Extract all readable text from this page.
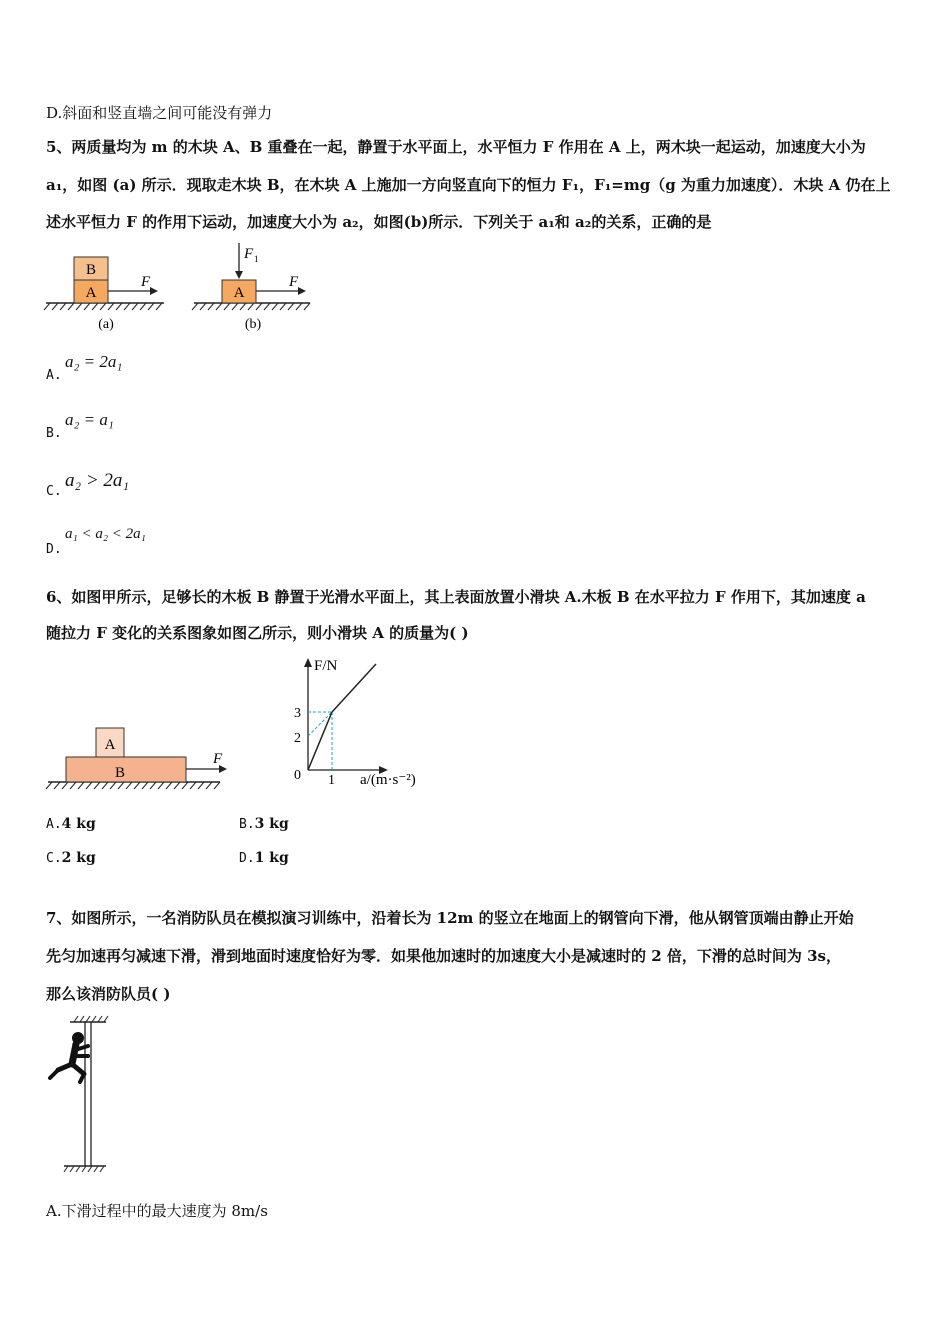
D.斜面和竖直墙之间可能没有弹力
5、两质量均为 m 的木块 A、B 重叠在一起，静置于水平面上，水平恒力 F 作用在 A 上，两木块一起运动，加速度大小为
a₁，如图 (a) 所示．现取走木块 B，在木块 A 上施加一方向竖直向下的恒力 F₁，F₁=mg（g 为重力加速度）．木块 A 仍在上
述水平恒力 F 的作用下运动，加速度大小为 a₂，如图(b)所示．下列关于 a₁和 a₂的关系，正确的是
B
A
F
(a)
A
F 1
F
(b)
A.
a₂ = 2a₁
B.
a₂ = a₁
C.
a₂ > 2a₁
D.
a₁ < a₂ < 2a₁
6、如图甲所示，足够长的木板 B 静置于光滑水平面上，其上表面放置小滑块 A.木板 B 在水平拉力 F 作用下，其加速度 a
随拉力 F 变化的关系图象如图乙所示，则小滑块 A 的质量为( )
A
B
F
F/N
3
2
0 1 a/(m·s⁻²)
A.4 kg	B.3 kg
C.2 kg	D.1 kg
7、如图所示，一名消防队员在模拟演习训练中，沿着长为 12m 的竖立在地面上的钢管向下滑，他从钢管顶端由静止开始
先匀加速再匀减速下滑，滑到地面时速度恰好为零．如果他加速时的加速度大小是减速时的 2 倍，下滑的总时间为 3s，
那么该消防队员( )
A.下滑过程中的最大速度为 8m/s
